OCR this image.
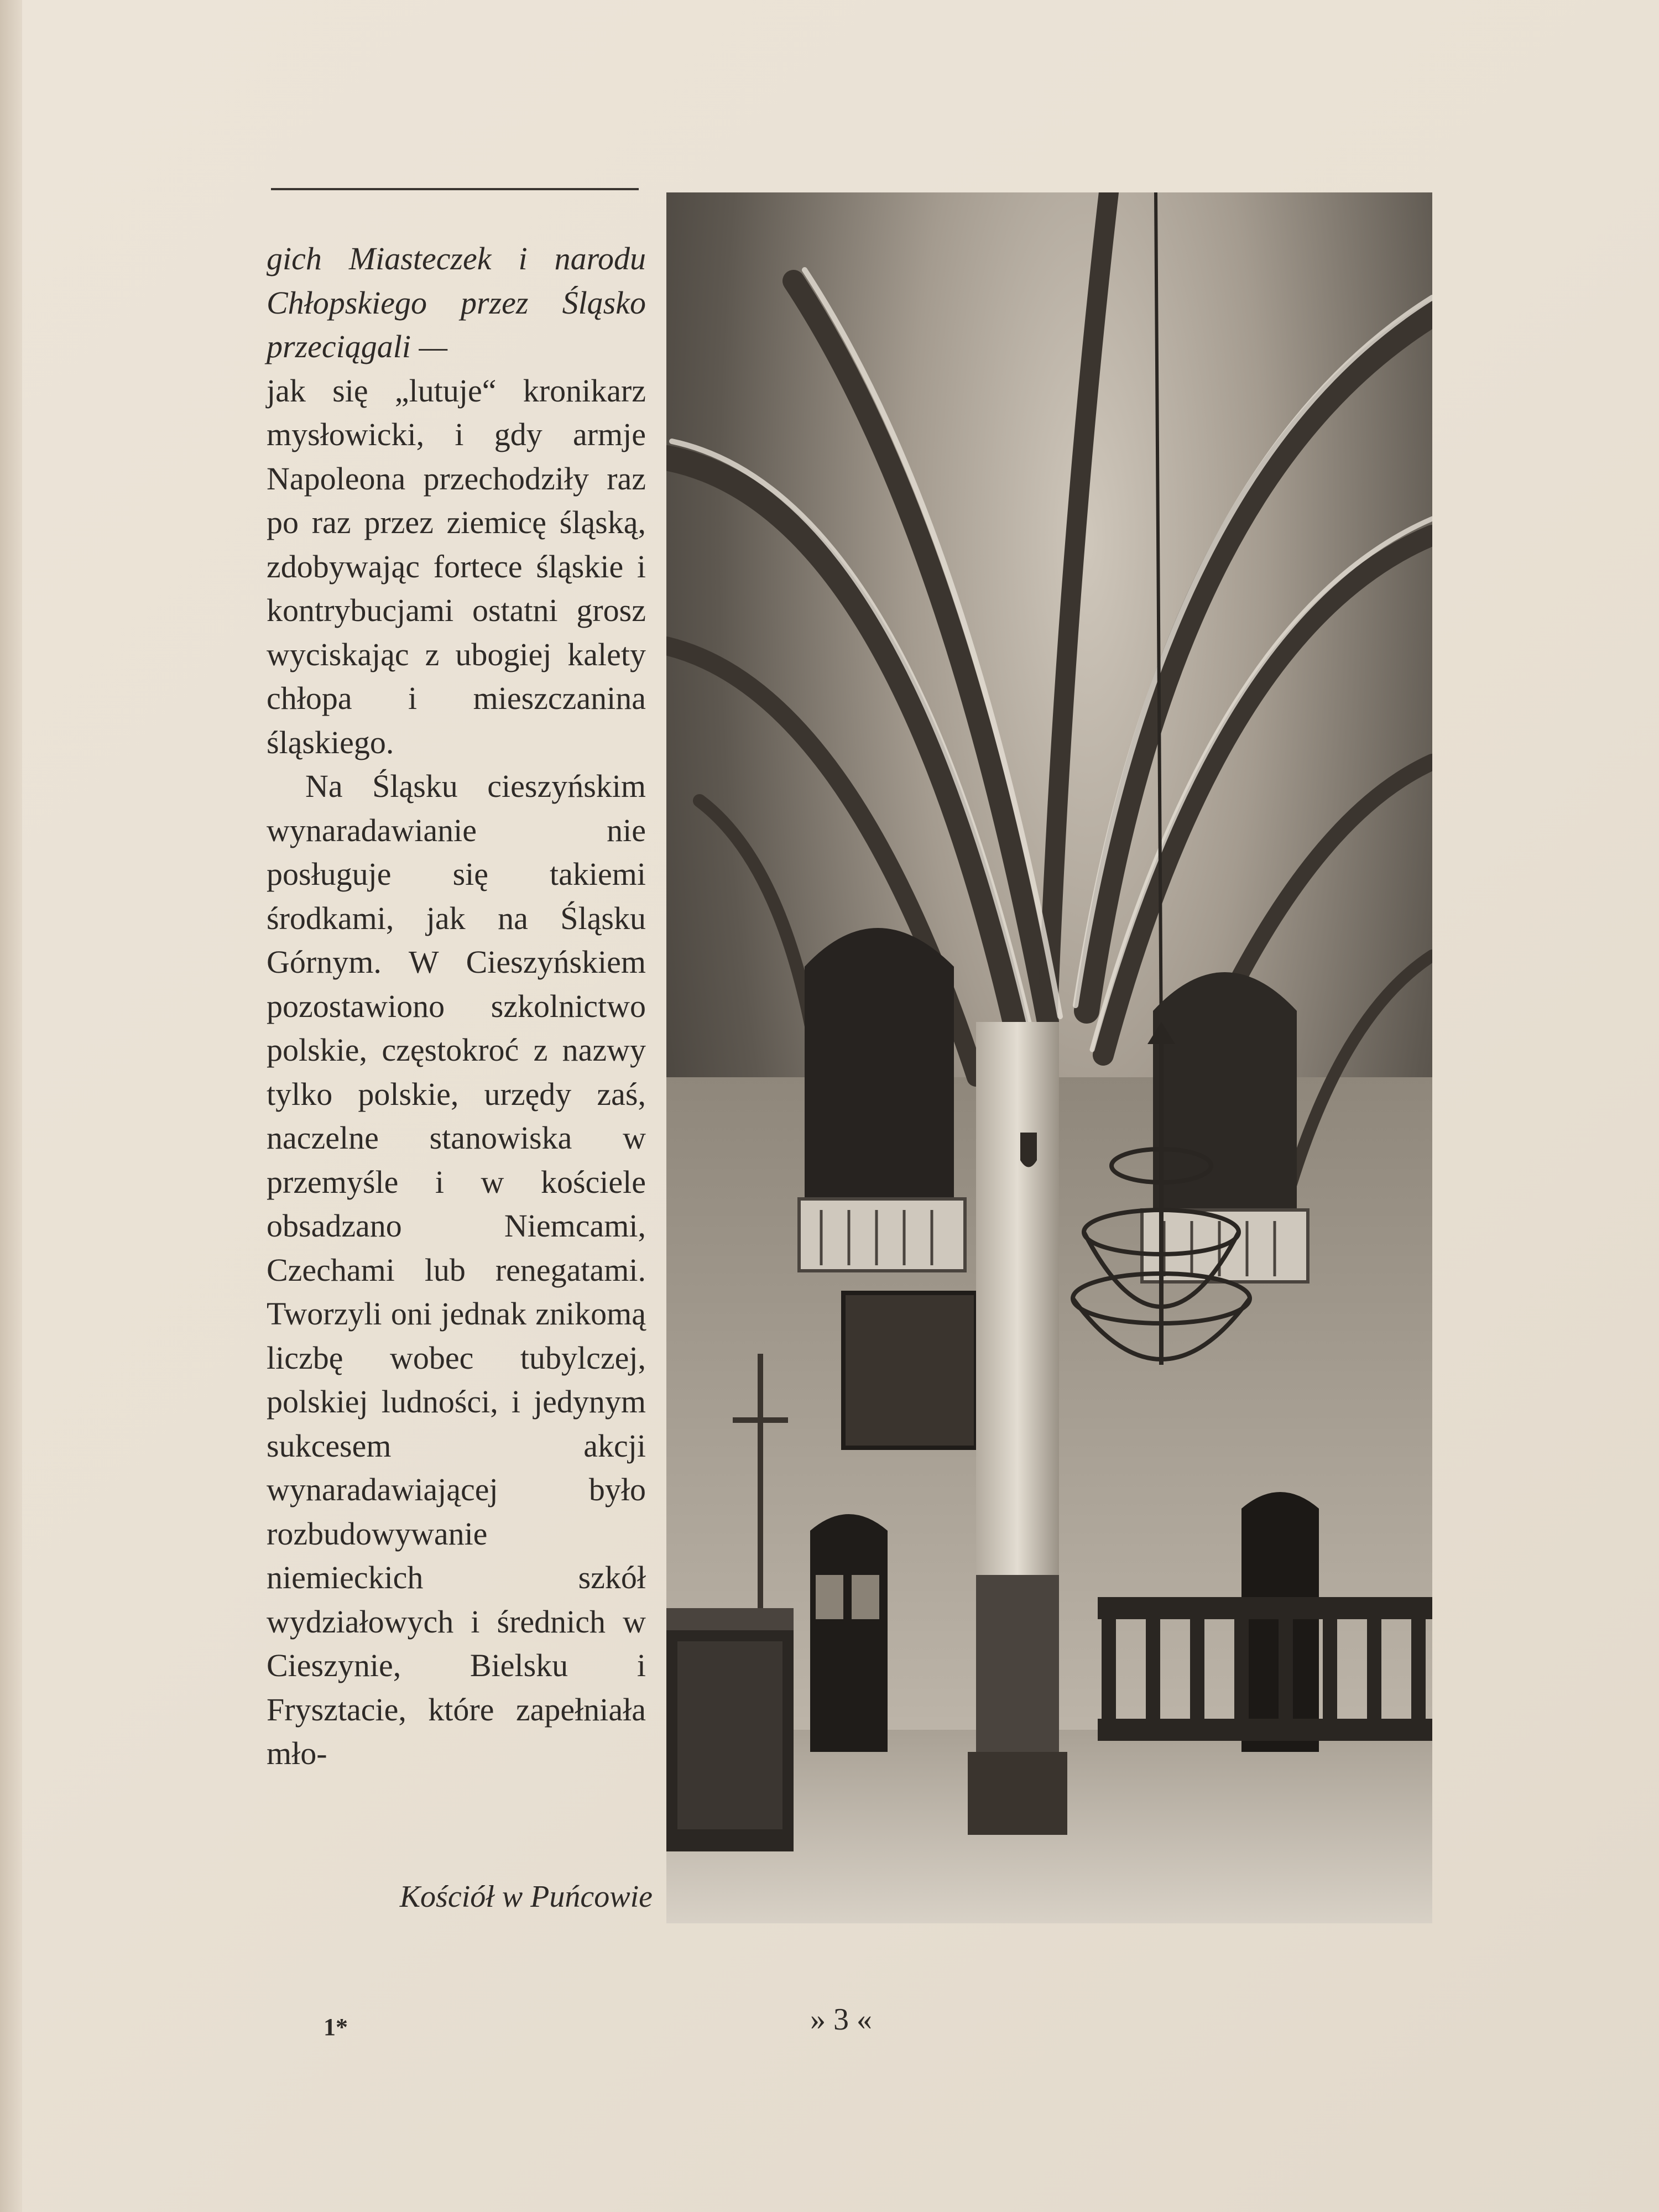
gich Miasteczek i narodu Chłopskiego przez Śląsko przeciągali —

jak się „lutuje“ kronikarz mysłowicki, i gdy armje Napoleona przechodziły raz po raz przez ziemicę śląską, zdobywając fortece śląskie i kontrybucjami ostatni grosz wyciskając z ubogiej kalety chłopa i mieszczanina śląskiego.

Na Śląsku cieszyńskim wynaradawianie nie posługuje się takiemi środkami, jak na Śląsku Górnym. W Cieszyńskiem pozostawiono szkolnictwo polskie, częstokroć z nazwy tylko polskie, urzędy zaś, naczelne stanowiska w przemyśle i w kościele obsadzano Niemcami, Czechami lub renegatami. Tworzyli oni jednak znikomą liczbę wobec tubylczej, polskiej ludności, i jedynym sukcesem akcji wynaradawiającej było rozbudowywanie niemieckich szkół wydziałowych i średnich w Cieszynie, Bielsku i Frysztacie, które zapełniała mło-

Kościół w Puńcowie
1*	» 3 «
